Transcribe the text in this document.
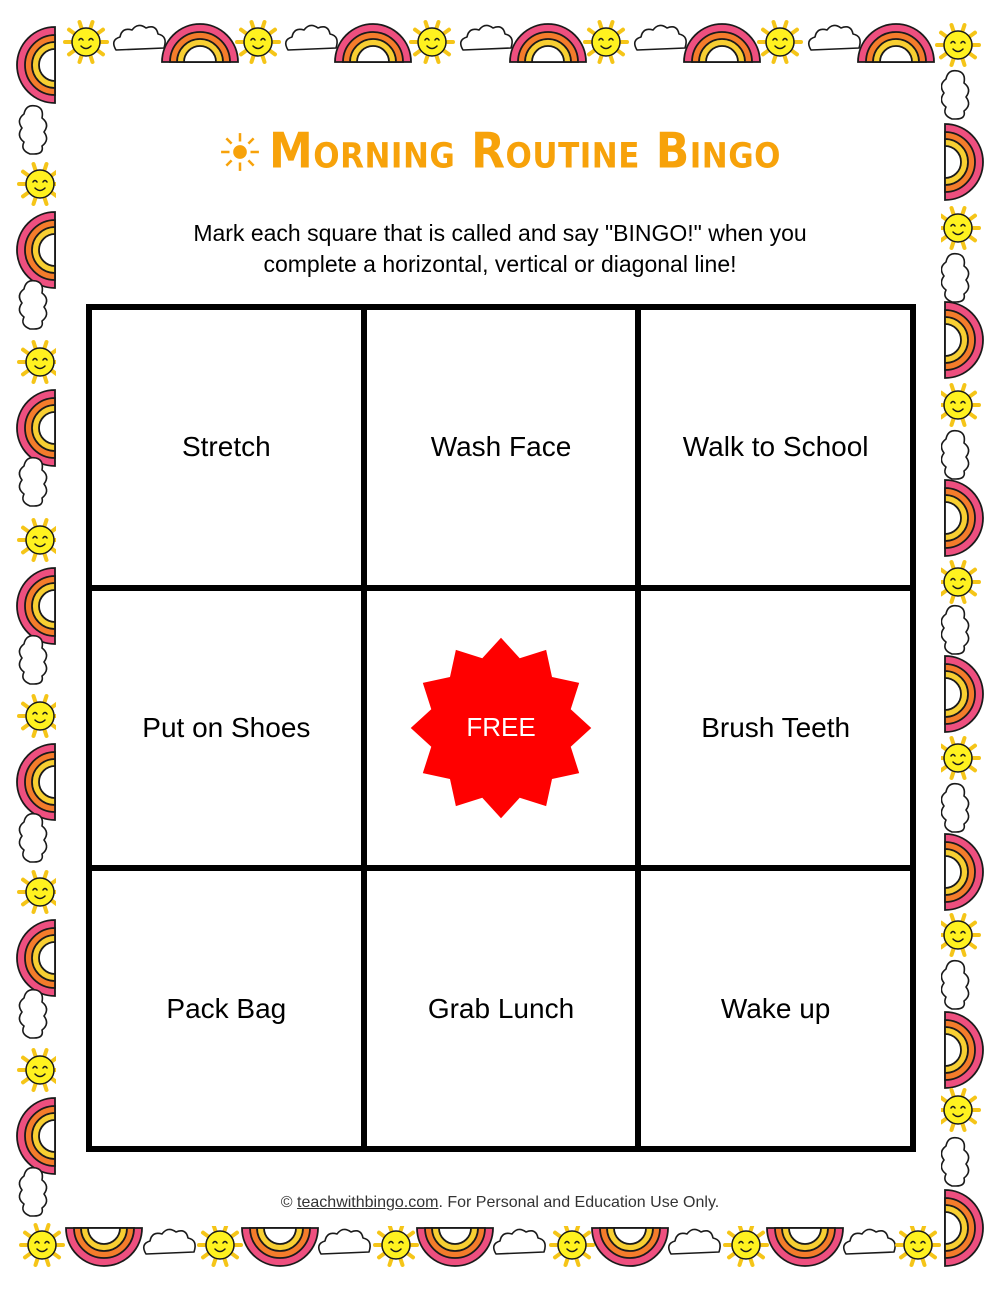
Morning Routine Bingo
Mark each square that is called and say "BINGO!" when you
complete a horizontal, vertical or diagonal line!
Stretch	Wash Face	Walk to School
Put on Shoes	FREE	Brush Teeth
Pack Bag	Grab Lunch	Wake up
© teachwithbingo.com. For Personal and Education Use Only.
